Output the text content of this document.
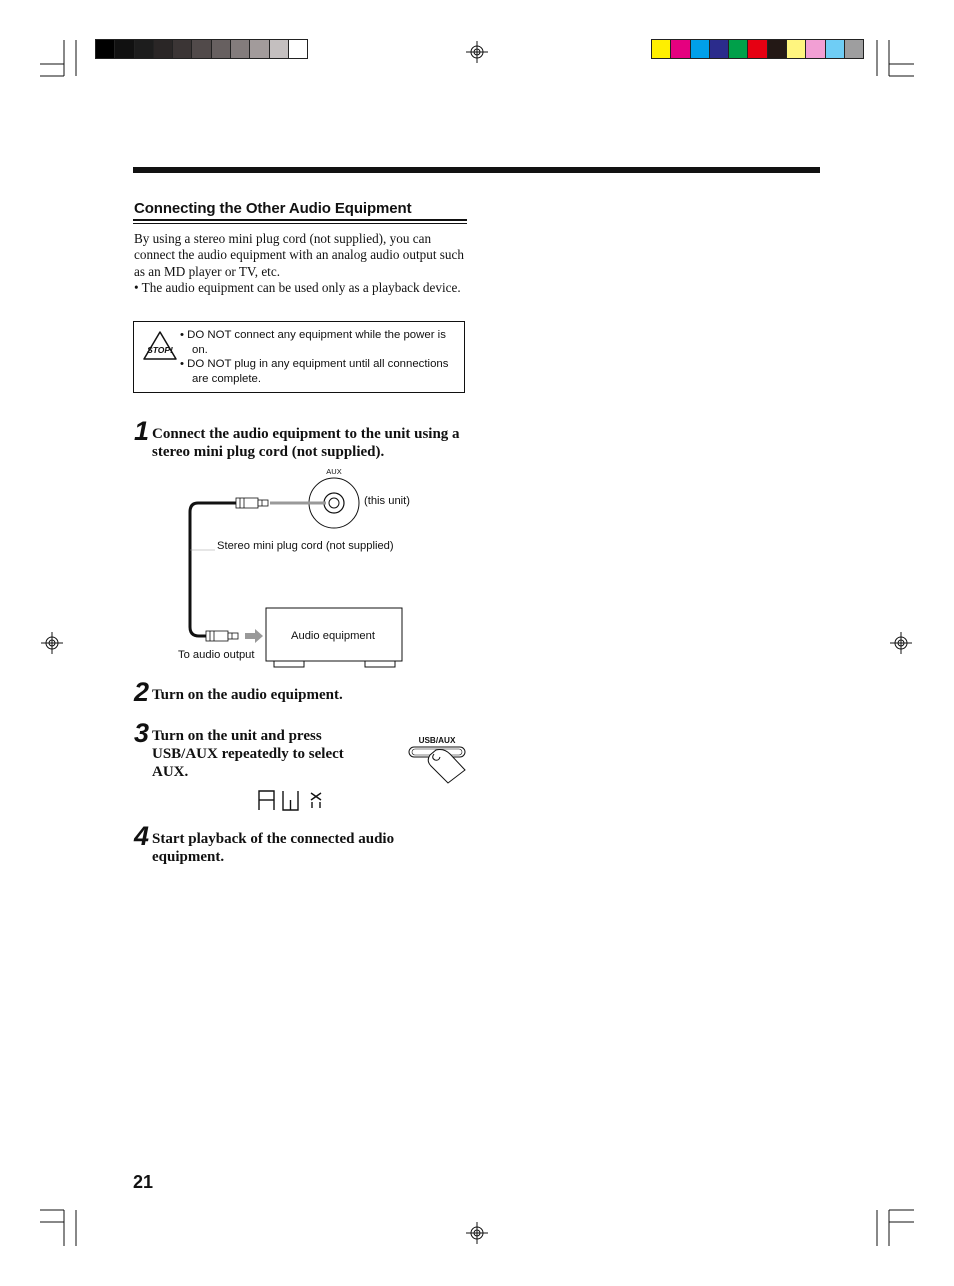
Connecting the Other Audio Equipment

By using a stereo mini plug cord (not supplied), you can connect the audio equipment with an analog audio output such as an MD player or TV, etc.

• The audio equipment can be used only as a playback device.

STOP!
• DO NOT connect any equipment while the power is on.
• DO NOT plug in any equipment until all connections are complete.
1 Connect the audio equipment to the unit using a stereo mini plug cord (not supplied).
AUX
Audio equipment
(this unit)
Stereo mini plug cord (not supplied)
To audio output
2 Turn on the audio equipment.
3 Turn on the unit and press USB/AUX repeatedly to select AUX.
USB/AUX
4 Start playback of the connected audio equipment.
21
